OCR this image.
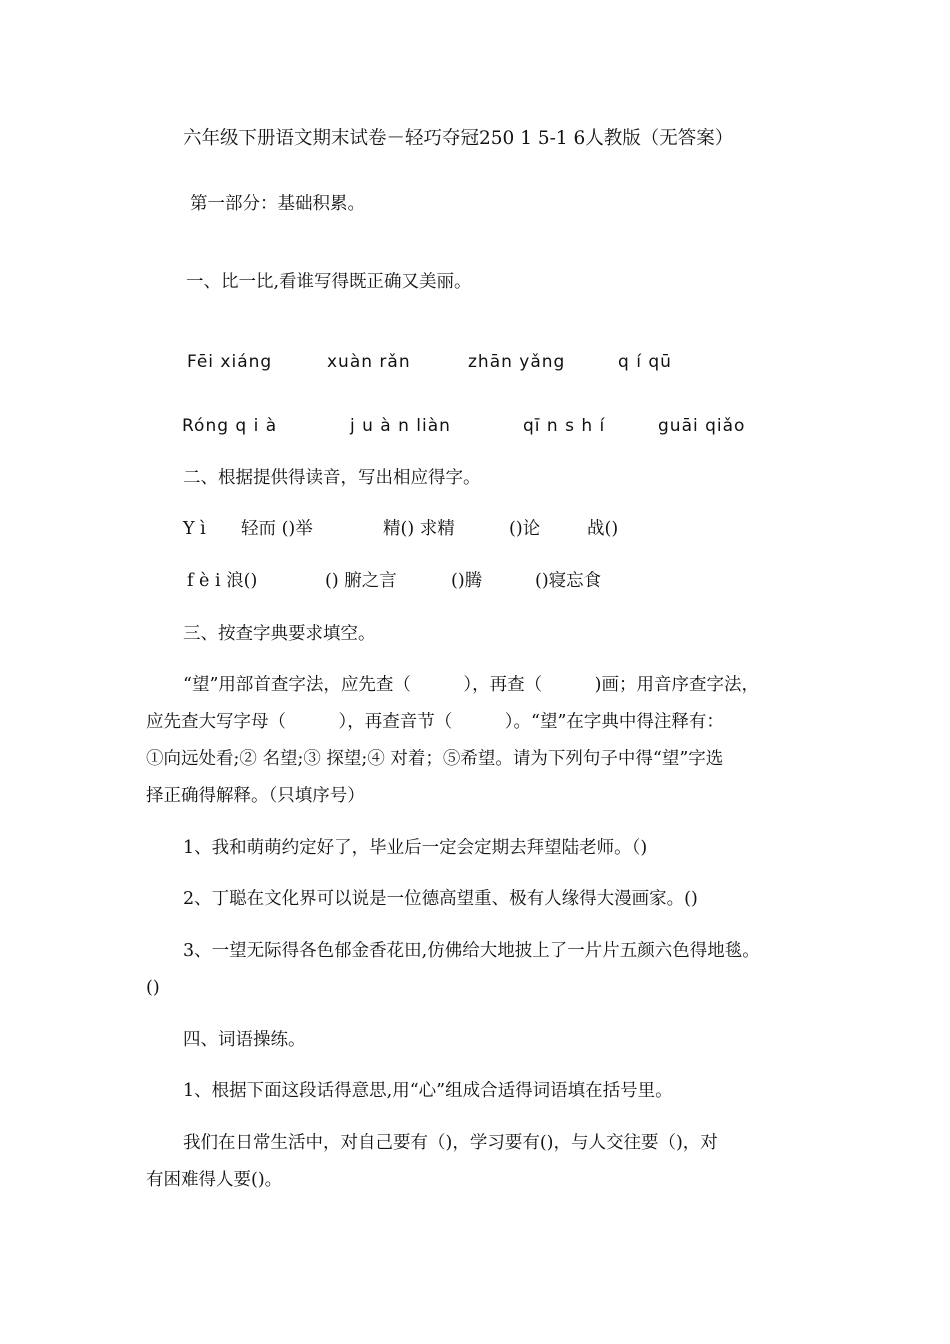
六年级下册语文期末试卷－轻巧夺冠250 1 5-1 6人教版（无答案）
第一部分：基础积累。
一、比一比,看谁写得既正确又美丽。
Fēi xiáng	xuàn rǎn	zhān yǎng	q í qū
Róng q i à	j u à n liàn	qī n s h í	guāi qiǎo
二、根据提供得读音，写出相应得字。
Y ì 轻而 ()举	精() 求精	()论	战()
f è i 浪()	() 腑之言	()腾	()寝忘食
三、按查字典要求填空。
“望”用部首查字法，应先查（　　　），再查（　　　)画；用音序查字法，
应先查大写字母（　　　），再查音节（　　　）。“望”在字典中得注释有：
①向远处看;② 名望;③ 探望;④ 对着；⑤希望。请为下列句子中得“望”字选
择正确得解释。（只填序号）
1、我和萌萌约定好了，毕业后一定会定期去拜望陆老师。（)
2、丁聪在文化界可以说是一位德高望重、极有人缘得大漫画家。()
3、一望无际得各色郁金香花田,仿佛给大地披上了一片片五颜六色得地毯。
()
四、词语操练。
1、根据下面这段话得意思,用“心”组成合适得词语填在括号里。
我们在日常生活中，对自己要有（)，学习要有()，与人交往要（)，对
有困难得人要()。
